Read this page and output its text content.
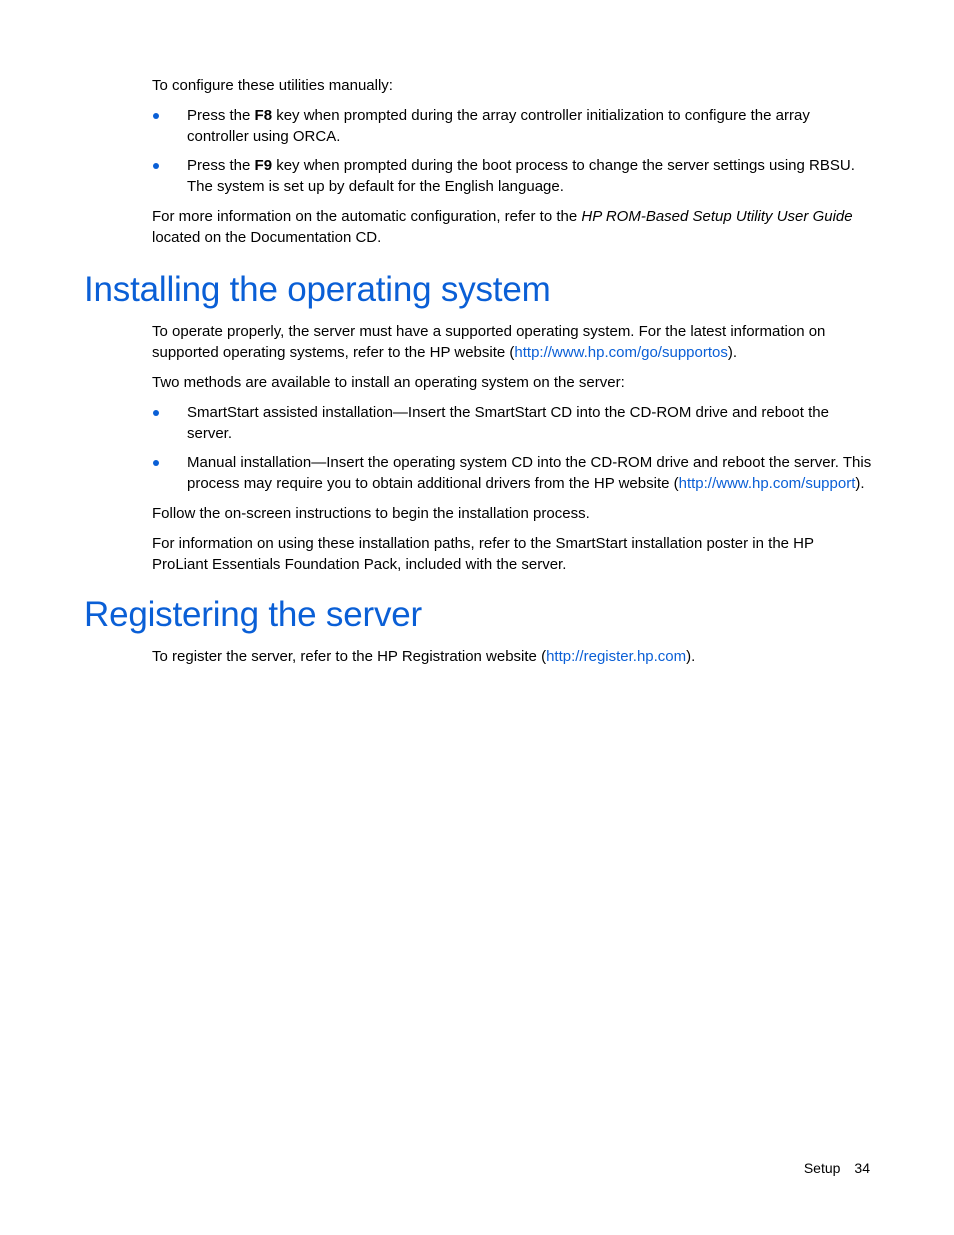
To configure these utilities manually:

Press the F8 key when prompted during the array controller initialization to configure the array controller using ORCA.
Press the F9 key when prompted during the boot process to change the server settings using RBSU. The system is set up by default for the English language.

For more information on the automatic configuration, refer to the HP ROM-Based Setup Utility User Guide located on the Documentation CD.

Installing the operating system

To operate properly, the server must have a supported operating system. For the latest information on supported operating systems, refer to the HP website (http://www.hp.com/go/supportos).

Two methods are available to install an operating system on the server:

SmartStart assisted installation—Insert the SmartStart CD into the CD-ROM drive and reboot the server.
Manual installation—Insert the operating system CD into the CD-ROM drive and reboot the server. This process may require you to obtain additional drivers from the HP website (http://www.hp.com/support).

Follow the on-screen instructions to begin the installation process.

For information on using these installation paths, refer to the SmartStart installation poster in the HP ProLiant Essentials Foundation Pack, included with the server.

Registering the server

To register the server, refer to the HP Registration website (http://register.hp.com).

Setup 34
